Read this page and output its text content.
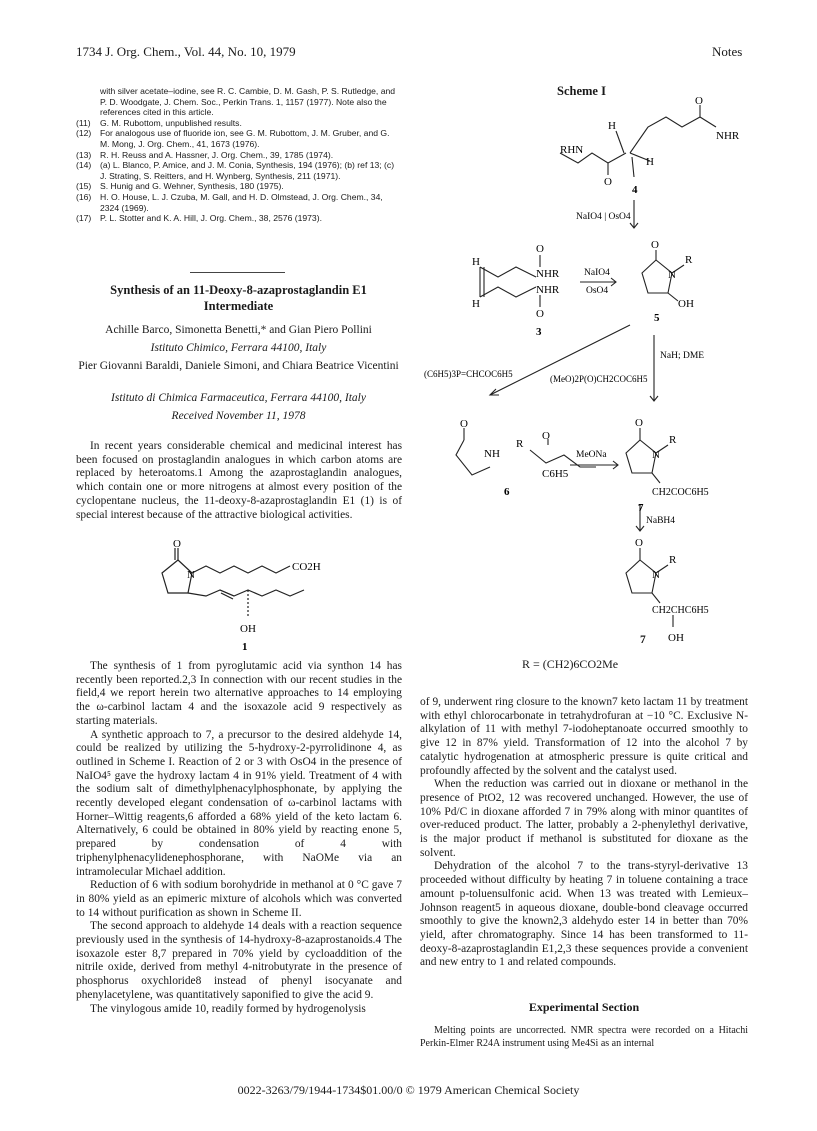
1734 J. Org. Chem., Vol. 44, No. 10, 1979	Notes
with silver acetate–iodine, see R. C. Cambie, D. M. Gash, P. S. Rutledge, and P. D. Woodgate, J. Chem. Soc., Perkin Trans. 1, 1157 (1977). Note also the references cited in this article.
(11) G. M. Rubottom, unpublished results.
(12) For analogous use of fluoride ion, see G. M. Rubottom, J. M. Gruber, and G. M. Mong, J. Org. Chem., 41, 1673 (1976).
(13) R. H. Reuss and A. Hassner, J. Org. Chem., 39, 1785 (1974).
(14) (a) L. Blanco, P. Amice, and J. M. Conia, Synthesis, 194 (1976); (b) ref 13; (c) J. Strating, S. Reitters, and H. Wynberg, Synthesis, 211 (1971).
(15) S. Hunig and G. Wehner, Synthesis, 180 (1975).
(16) H. O. House, L. J. Czuba, M. Gall, and H. D. Olmstead, J. Org. Chem., 34, 2324 (1969).
(17) P. L. Stotter and K. A. Hill, J. Org. Chem., 38, 2576 (1973).
Synthesis of an 11-Deoxy-8-azaprostaglandin E1 Intermediate
Achille Barco, Simonetta Benetti,* and Gian Piero Pollini
Istituto Chimico, Ferrara 44100, Italy
Pier Giovanni Baraldi, Daniele Simoni, and Chiara Beatrice Vicentini
Istituto di Chimica Farmaceutica, Ferrara 44100, Italy
Received November 11, 1978

In recent years considerable chemical and medicinal interest has been focused on prostaglandin analogues in which carbon atoms are replaced by heteroatoms.1 Among the azaprostaglandin analogues, which contain one or more nitrogens at almost every position of the cyclopentane nucleus, the 11-deoxy-8-azaprostaglandin E1 (1) is of special interest because of the attractive biological activities.

O
N
CO2H
OH
1

The synthesis of 1 from pyroglutamic acid via synthon 14 has recently been reported.2,3 In connection with our recent studies in the field,4 we report herein two alternative approaches to 14 employing the ω-carbinol lactam 4 and the isoxazole acid 9 respectively as starting materials.

A synthetic approach to 7, a precursor to the desired aldehyde 14, could be realized by utilizing the 5-hydroxy-2-pyrrolidinone 4, as outlined in Scheme I. Reaction of 2 or 3 with OsO4 in the presence of NaIO4⁵ gave the hydroxy lactam 4 in 91% yield. Treatment of 4 with the sodium salt of dimethylphenacylphosphonate, by applying the recently developed elegant condensation of ω-carbinol lactams with Horner–Wittig reagents,6 afforded a 68% yield of the keto lactam 6. Alternatively, 6 could be obtained in 80% yield by reacting enone 5, prepared by condensation of 4 with triphenylphenacylidenephosphorane, with NaOMe via an intramolecular Michael addition.

Reduction of 6 with sodium borohydride in methanol at 0 °C gave 7 in 80% yield as an epimeric mixture of alcohols which was converted to 14 without purification as shown in Scheme II.

The second approach to aldehyde 14 deals with a reaction sequence previously used in the synthesis of 14-hydroxy-8-azaprostanoids.4 The isoxazole ester 8,7 prepared in 70% yield by cycloaddition of the nitrile oxide, derived from methyl 4-nitrobutyrate in the presence of phosphorus oxychloride8 instead of phenyl isocyanate and phenylacetylene, was quantitatively saponified to give the acid 9.

The vinylogous amide 10, readily formed by hydrogenolysis

Scheme I
O
NHR
H
RHN
H
O
4
NaIO4 | OsO4
O
H
H
NHR
NHR
O
3
NaIO4
OsO4
O
N
R
OH
5
NaH; DME
(MeO)2P(O)CH2COC6H5
(C6H5)3P=CHCOC6H5
O
NH
R
O
C6H5
6
MeONa
O
N
R
CH2COC6H5
7
NaBH4
O
N
R
CH2CHC6H5
OH
7
R = (CH2)6CO2Me

of 9, underwent ring closure to the known7 keto lactam 11 by treatment with ethyl chlorocarbonate in tetrahydrofuran at −10 °C. Exclusive N-alkylation of 11 with methyl 7-iodoheptanoate occurred smoothly to give 12 in 87% yield. Transformation of 12 into the alcohol 7 by catalytic hydrogenation at atmospheric pressure is quite critical and profoundly affected by the solvent and the catalyst used.

When the reduction was carried out in dioxane or methanol in the presence of PtO2, 12 was recovered unchanged. However, the use of 10% Pd/C in dioxane afforded 7 in 79% along with minor quantites of over-reduced product. The latter, probably a 2-phenylethyl derivative, is the major product if methanol is substituted for dioxane as the solvent.

Dehydration of the alcohol 7 to the trans-styryl-derivative 13 proceeded without difficulty by heating 7 in toluene containing a trace amount p-toluensulfonic acid. When 13 was treated with Lemieux–Johnson reagent5 in aqueous dioxane, double-bond cleavage occurred smoothly to give the known2,3 aldehydo ester 14 in better than 70% yield, after chromatography. Since 14 has been transformed to 11-deoxy-8-azaprostaglandin E1,2,3 these sequences provide a convenient and new entry to 1 and related compounds.

Experimental Section
Melting points are uncorrected. NMR spectra were recorded on a Hitachi Perkin-Elmer R24A instrument using Me4Si as an internal
0022-3263/79/1944-1734$01.00/0 © 1979 American Chemical Society
